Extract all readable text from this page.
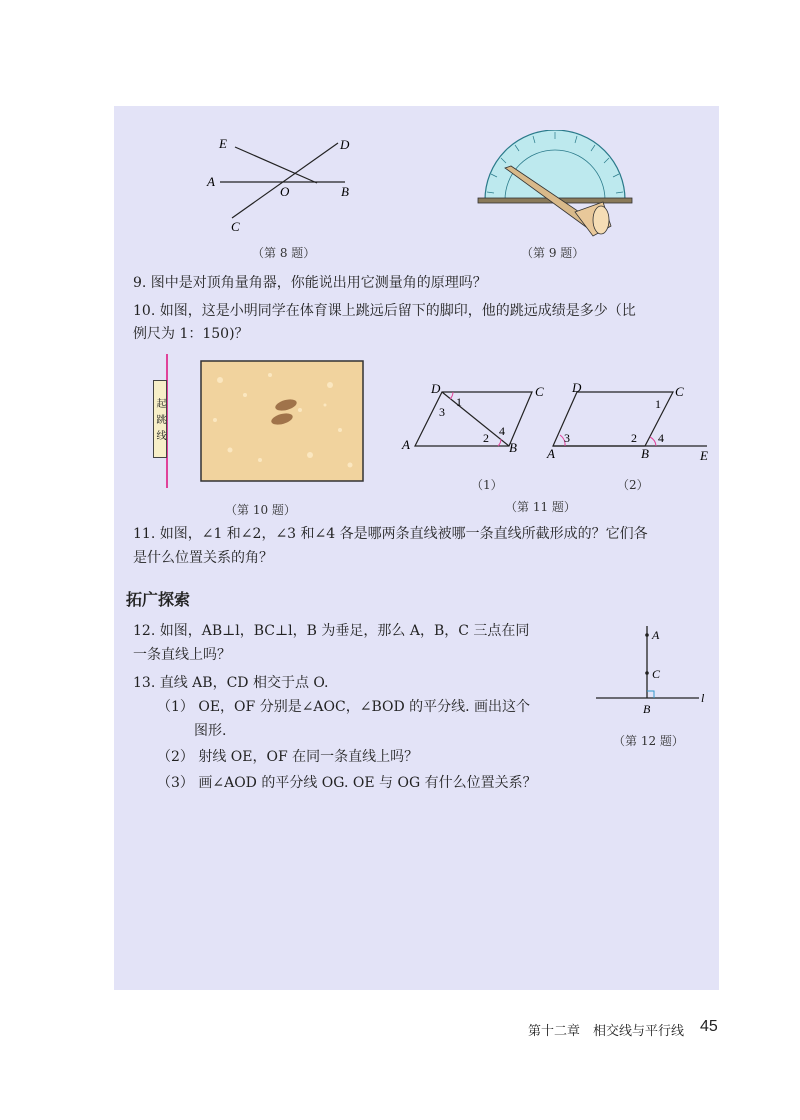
E	D
A
O	B
C
（第 8 题）	（第 9 题）
9. 图中是对顶角量角器，你能说出用它测量角的原理吗？
10. 如图，这是小明同学在体育课上跳远后留下的脚印，他的跳远成绩是多少（比
例尺为 1：150)？
起跳线
（第 10 题）
D	C
A	B
1
2
3
4
（1）
D	C
A	B	E
1
2
3	4
（2）
（第 11 题）
11. 如图，∠1 和∠2，∠3 和∠4 各是哪两条直线被哪一条直线所截形成的？它们各
是什么位置关系的角？
拓广探索
12. 如图，AB⊥l，BC⊥l，B 为垂足，那么 A，B，C 三点在同
一条直线上吗？
13. 直线 AB，CD 相交于点 O.
（1） OE，OF 分别是∠AOC，∠BOD 的平分线. 画出这个
图形.
（2） 射线 OE，OF 在同一条直线上吗？
（3） 画∠AOD 的平分线 OG. OE 与 OG 有什么位置关系？
A
C
B
l
（第 12 题）
第十二章　相交线与平行线 45
